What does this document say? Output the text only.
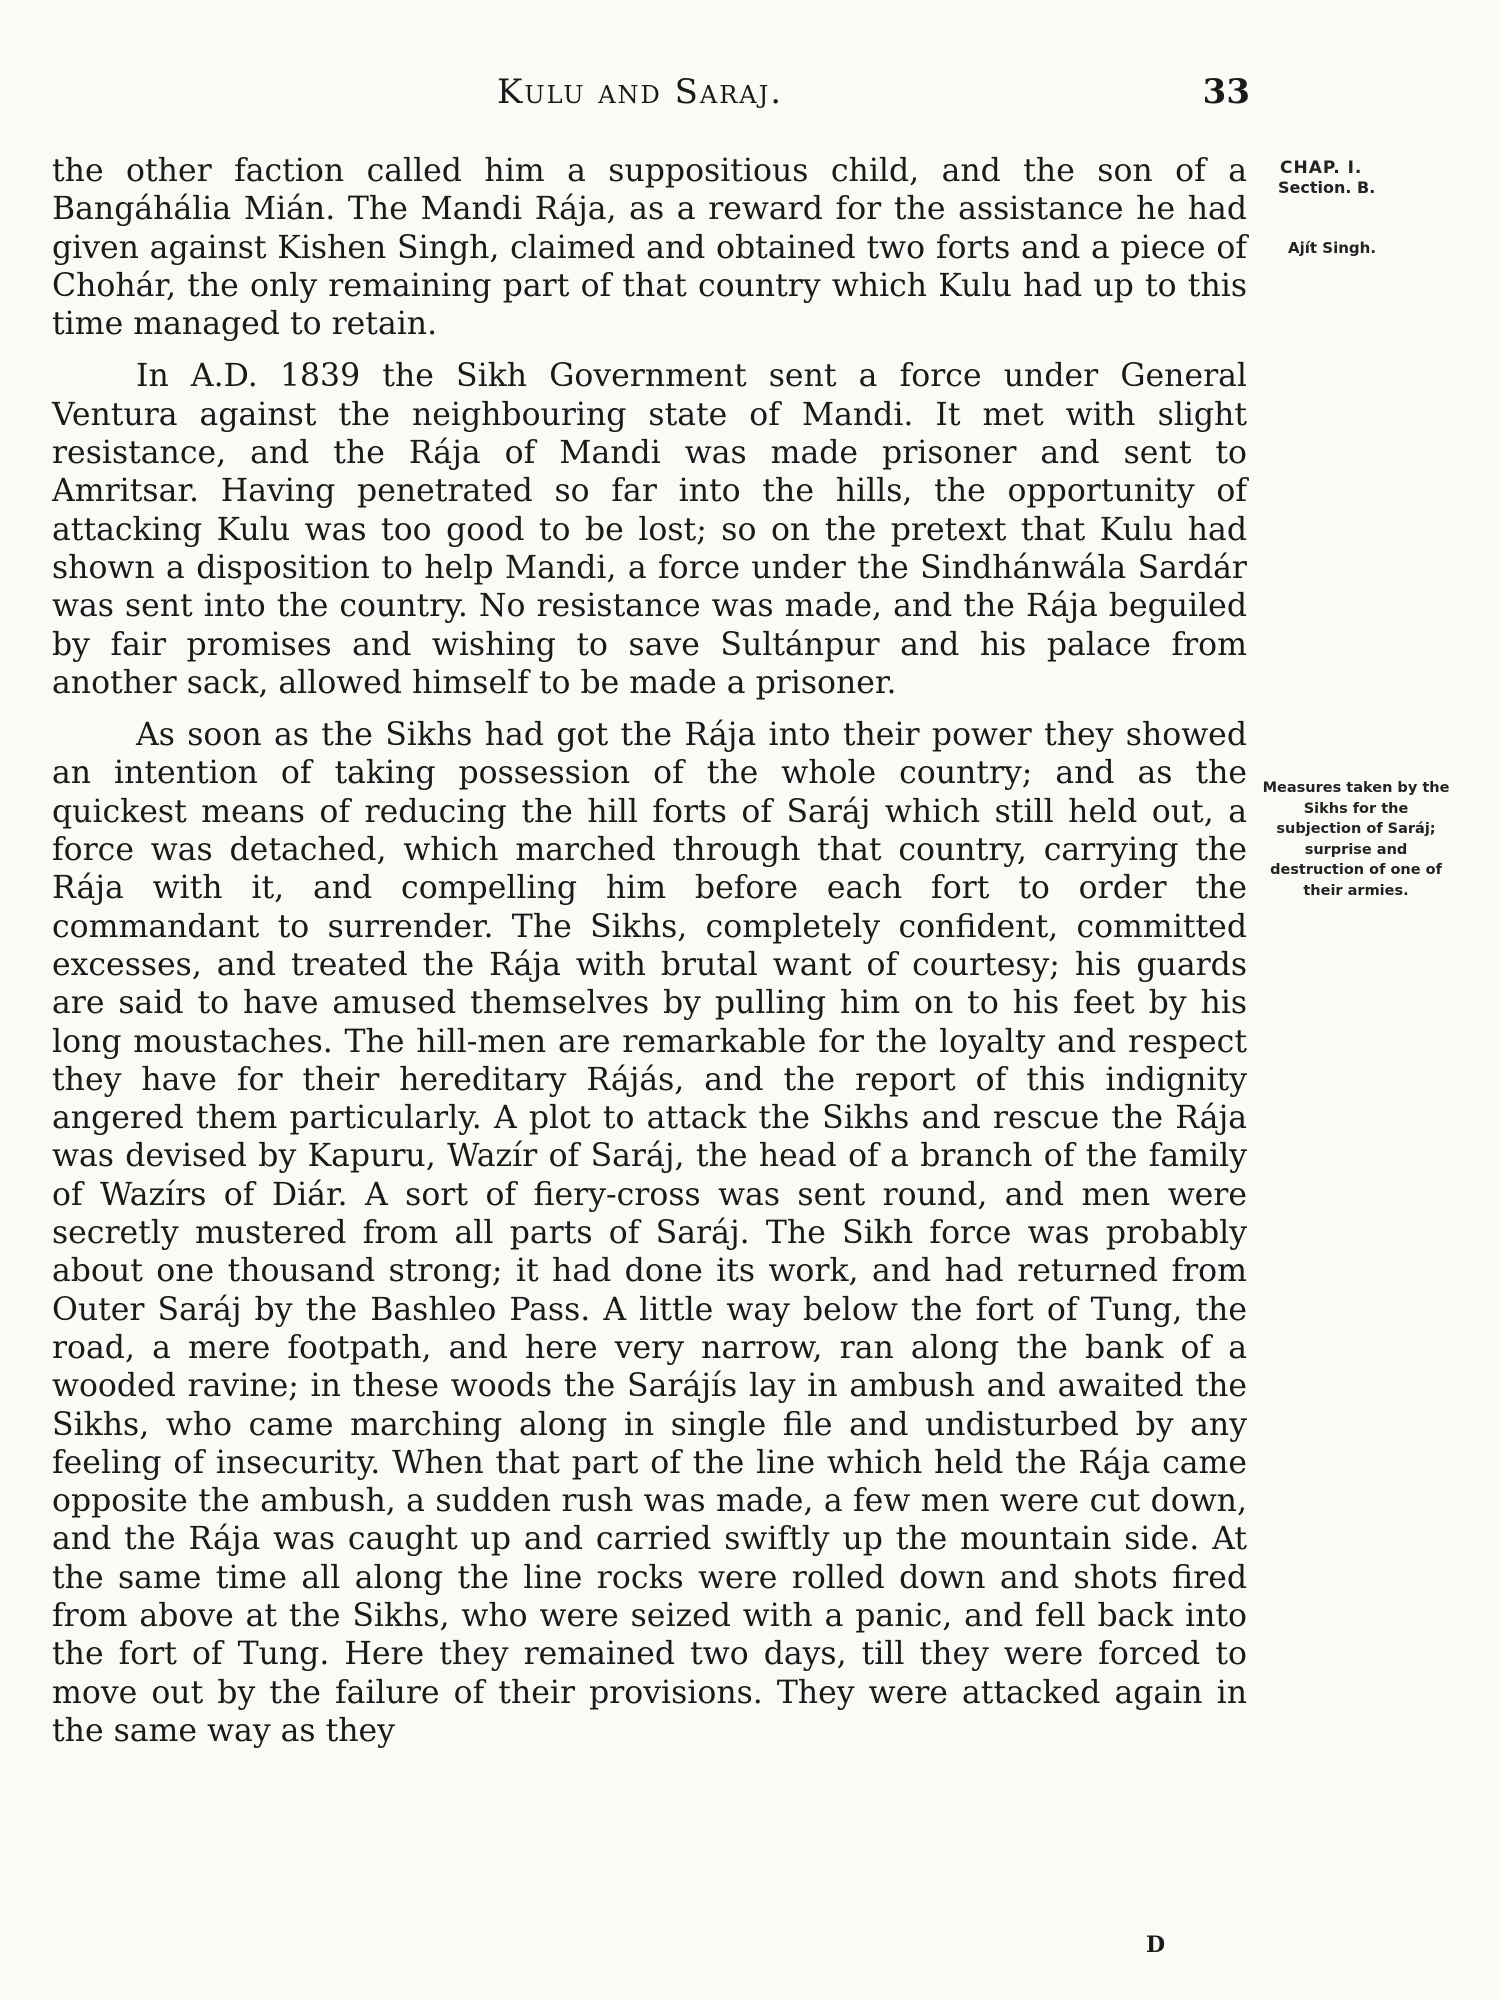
Kulu and Saraj.	33

the other faction called him a suppositious child, and the son of a Bangáhália Mián. The Mandi Rája, as a reward for the assistance he had given against Kishen Singh, claimed and obtained two forts and a piece of Chohár, the only remaining part of that country which Kulu had up to this time managed to retain.

In A.D. 1839 the Sikh Government sent a force under General Ventura against the neighbouring state of Mandi. It met with slight resistance, and the Rája of Mandi was made prisoner and sent to Amritsar. Having penetrated so far into the hills, the opportunity of attacking Kulu was too good to be lost; so on the pretext that Kulu had shown a disposition to help Mandi, a force under the Sindhánwála Sardár was sent into the country. No resistance was made, and the Rája beguiled by fair promises and wishing to save Sultánpur and his palace from another sack, allowed himself to be made a prisoner.

As soon as the Sikhs had got the Rája into their power they showed an intention of taking possession of the whole country; and as the quickest means of reducing the hill forts of Saráj which still held out, a force was detached, which marched through that country, carrying the Rája with it, and compelling him before each fort to order the commandant to surrender. The Sikhs, completely confident, committed excesses, and treated the Rája with brutal want of courtesy; his guards are said to have amused themselves by pulling him on to his feet by his long moustaches. The hill-men are remarkable for the loyalty and respect they have for their hereditary Rájás, and the report of this indignity angered them particularly. A plot to attack the Sikhs and rescue the Rája was devised by Kapuru, Wazír of Saráj, the head of a branch of the family of Wazírs of Diár. A sort of fiery-cross was sent round, and men were secretly mustered from all parts of Saráj. The Sikh force was probably about one thousand strong; it had done its work, and had returned from Outer Saráj by the Bashleo Pass. A little way below the fort of Tung, the road, a mere footpath, and here very narrow, ran along the bank of a wooded ravine; in these woods the Sarájís lay in ambush and awaited the Sikhs, who came marching along in single file and undisturbed by any feeling of insecurity. When that part of the line which held the Rája came opposite the ambush, a sudden rush was made, a few men were cut down, and the Rája was caught up and carried swiftly up the mountain side. At the same time all along the line rocks were rolled down and shots fired from above at the Sikhs, who were seized with a panic, and fell back into the fort of Tung. Here they remained two days, till they were forced to move out by the failure of their provisions. They were attacked again in the same way as they

CHAP. I.
Section. B.
Ajít Singh.
Measures taken by the Sikhs for the subjection of Saráj; surprise and destruction of one of their armies.
D
